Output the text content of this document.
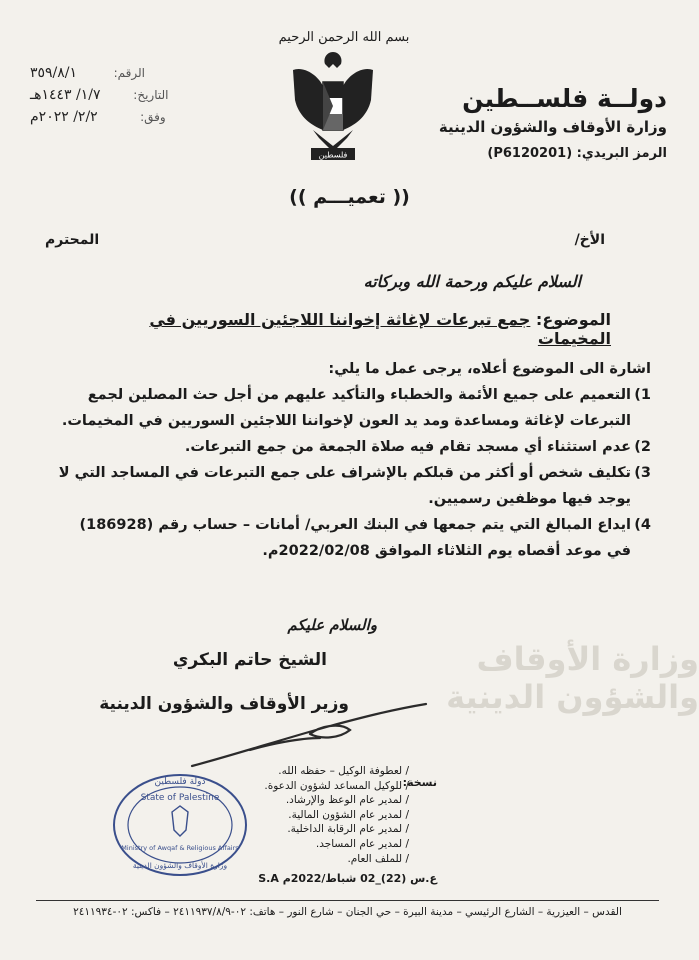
وزارة الأوقاف والشؤون الدينية
دولــة فلســطين
وزارة الأوقاف والشؤون الدينية
الرمز البريدي: (P6120201)
بسم الله الرحمن الرحيم
فلسطين
الرقم:
٣٥٩/٨/١
التاريخ:
١/٧/ ١٤٤٣هـ
وفق:
٢/٢/ ٢٠٢٢م
(( تعميـــم ))
الأخ/
المحترم
السلام عليكم ورحمة الله وبركاته
الموضوع: جمع تبرعات لإغاثة إخواننا اللاجئين السوريين في المخيمات

اشارة الى الموضوع أعلاه، يرجى عمل ما يلي:

1)
التعميم على جميع الأئمة والخطباء والتأكيد عليهم من أجل حث المصلين لجمع التبرعات لإغاثة ومساعدة ومد يد العون لإخواننا اللاجئين السوريين في المخيمات.
2)
عدم استثناء أي مسجد تقام فيه صلاة الجمعة من جمع التبرعات.
3)
تكليف شخص أو أكثر من قبلكم بالإشراف على جمع التبرعات في المساجد التي لا يوجد فيها موظفين رسميين.
4)
ايداع المبالغ التي يتم جمعها في البنك العربي/ أمانات – حساب رقم (186928) في موعد أقصاه يوم الثلاثاء الموافق 2022/02/08م.
والسلام عليكم
الشيخ حاتم البكري
وزير الأوقاف والشؤون الدينية
دولة فلسطين
State of Palestine
Ministry of Awqaf & Religious Affairs
وزارة الأوقاف والشؤون الدينية
نسخة:

/ لعطوفة الوكيل – حفظه الله.

/ للوكيل المساعد لشؤون الدعوة.

/ لمدير عام الوعظ والإرشاد.

/ لمدير عام الشؤون المالية.

/ لمدير عام الرقابة الداخلية.

/ لمدير عام المساجد.

/ للملف العام.

ع.س (22)_02 شباط/2022م S.A
القدس – العيزرية – الشارع الرئيسي – مدينة البيرة – حي الجنان – شارع النور – هاتف: ٠٢-٢٤١١٩٣٧/٨/٩ – فاكس: ٠٢-٢٤١١٩٣٤
